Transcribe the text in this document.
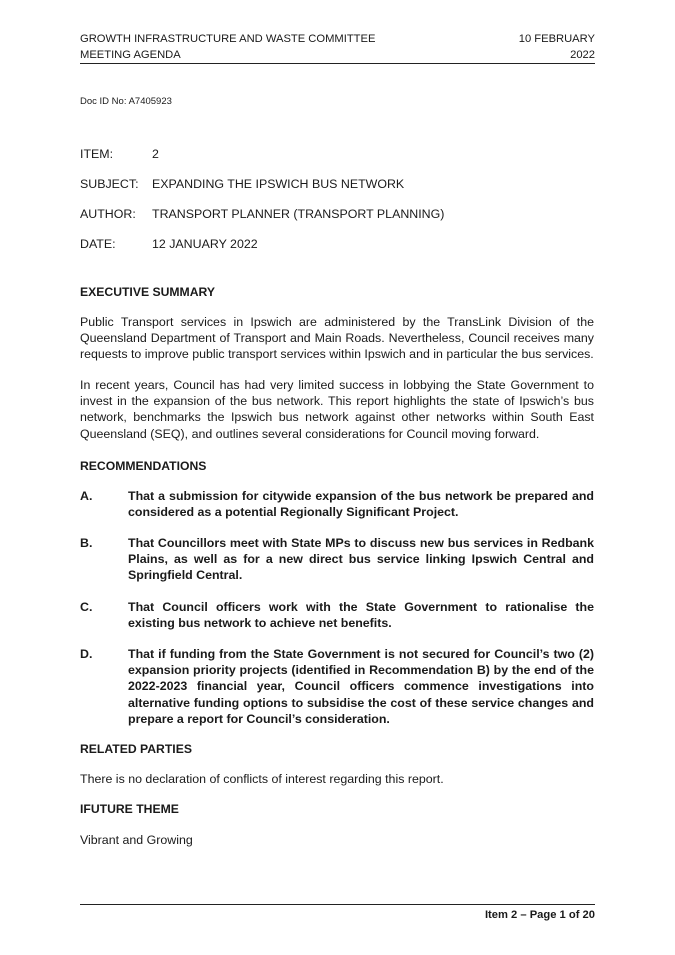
GROWTH INFRASTRUCTURE AND WASTE COMMITTEE
MEETING AGENDA
10 FEBRUARY
2022
Doc ID No: A7405923
ITEM:	2
SUBJECT:	EXPANDING THE IPSWICH BUS NETWORK
AUTHOR:	TRANSPORT PLANNER (TRANSPORT PLANNING)
DATE:	12 JANUARY 2022
EXECUTIVE SUMMARY
Public Transport services in Ipswich are administered by the TransLink Division of the Queensland Department of Transport and Main Roads. Nevertheless, Council receives many requests to improve public transport services within Ipswich and in particular the bus services.
In recent years, Council has had very limited success in lobbying the State Government to invest in the expansion of the bus network. This report highlights the state of Ipswich’s bus network, benchmarks the Ipswich bus network against other networks within South East Queensland (SEQ), and outlines several considerations for Council moving forward.
RECOMMENDATIONS
A.	That a submission for citywide expansion of the bus network be prepared and considered as a potential Regionally Significant Project.
B.	That Councillors meet with State MPs to discuss new bus services in Redbank Plains, as well as for a new direct bus service linking Ipswich Central and Springfield Central.
C.	That Council officers work with the State Government to rationalise the existing bus network to achieve net benefits.
D.	That if funding from the State Government is not secured for Council’s two (2) expansion priority projects (identified in Recommendation B) by the end of the 2022-2023 financial year, Council officers commence investigations into alternative funding options to subsidise the cost of these service changes and prepare a report for Council’s consideration.
RELATED PARTIES
There is no declaration of conflicts of interest regarding this report.
IFUTURE THEME
Vibrant and Growing
Item 2 – Page 1 of 20
